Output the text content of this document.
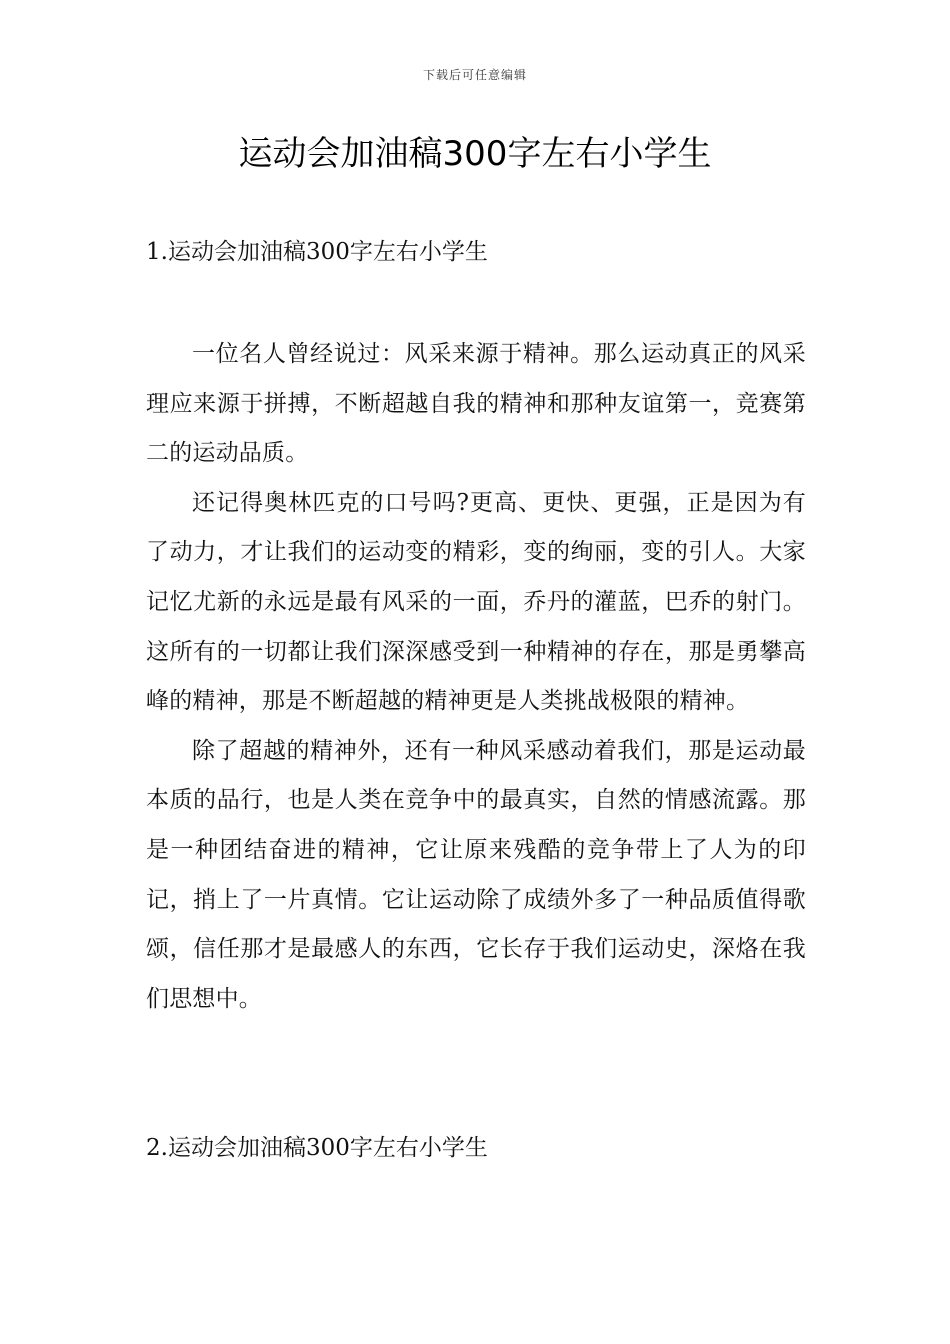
下载后可任意编辑
运动会加油稿300字左右小学生
1.运动会加油稿300字左右小学生

一位名人曾经说过：风采来源于精神。那么运动真正的风采理应来源于拼搏，不断超越自我的精神和那种友谊第一，竞赛第二的运动品质。

还记得奥林匹克的口号吗?更高、更快、更强，正是因为有了动力，才让我们的运动变的精彩，变的绚丽，变的引人。大家记忆尤新的永远是最有风采的一面，乔丹的灌蓝，巴乔的射门。这所有的一切都让我们深深感受到一种精神的存在，那是勇攀高峰的精神，那是不断超越的精神更是人类挑战极限的精神。

除了超越的精神外，还有一种风采感动着我们，那是运动最本质的品行，也是人类在竞争中的最真实，自然的情感流露。那是一种团结奋进的精神，它让原来残酷的竞争带上了人为的印记，捎上了一片真情。它让运动除了成绩外多了一种品质值得歌颂，信任那才是最感人的东西，它长存于我们运动史，深烙在我们思想中。

2.运动会加油稿300字左右小学生
